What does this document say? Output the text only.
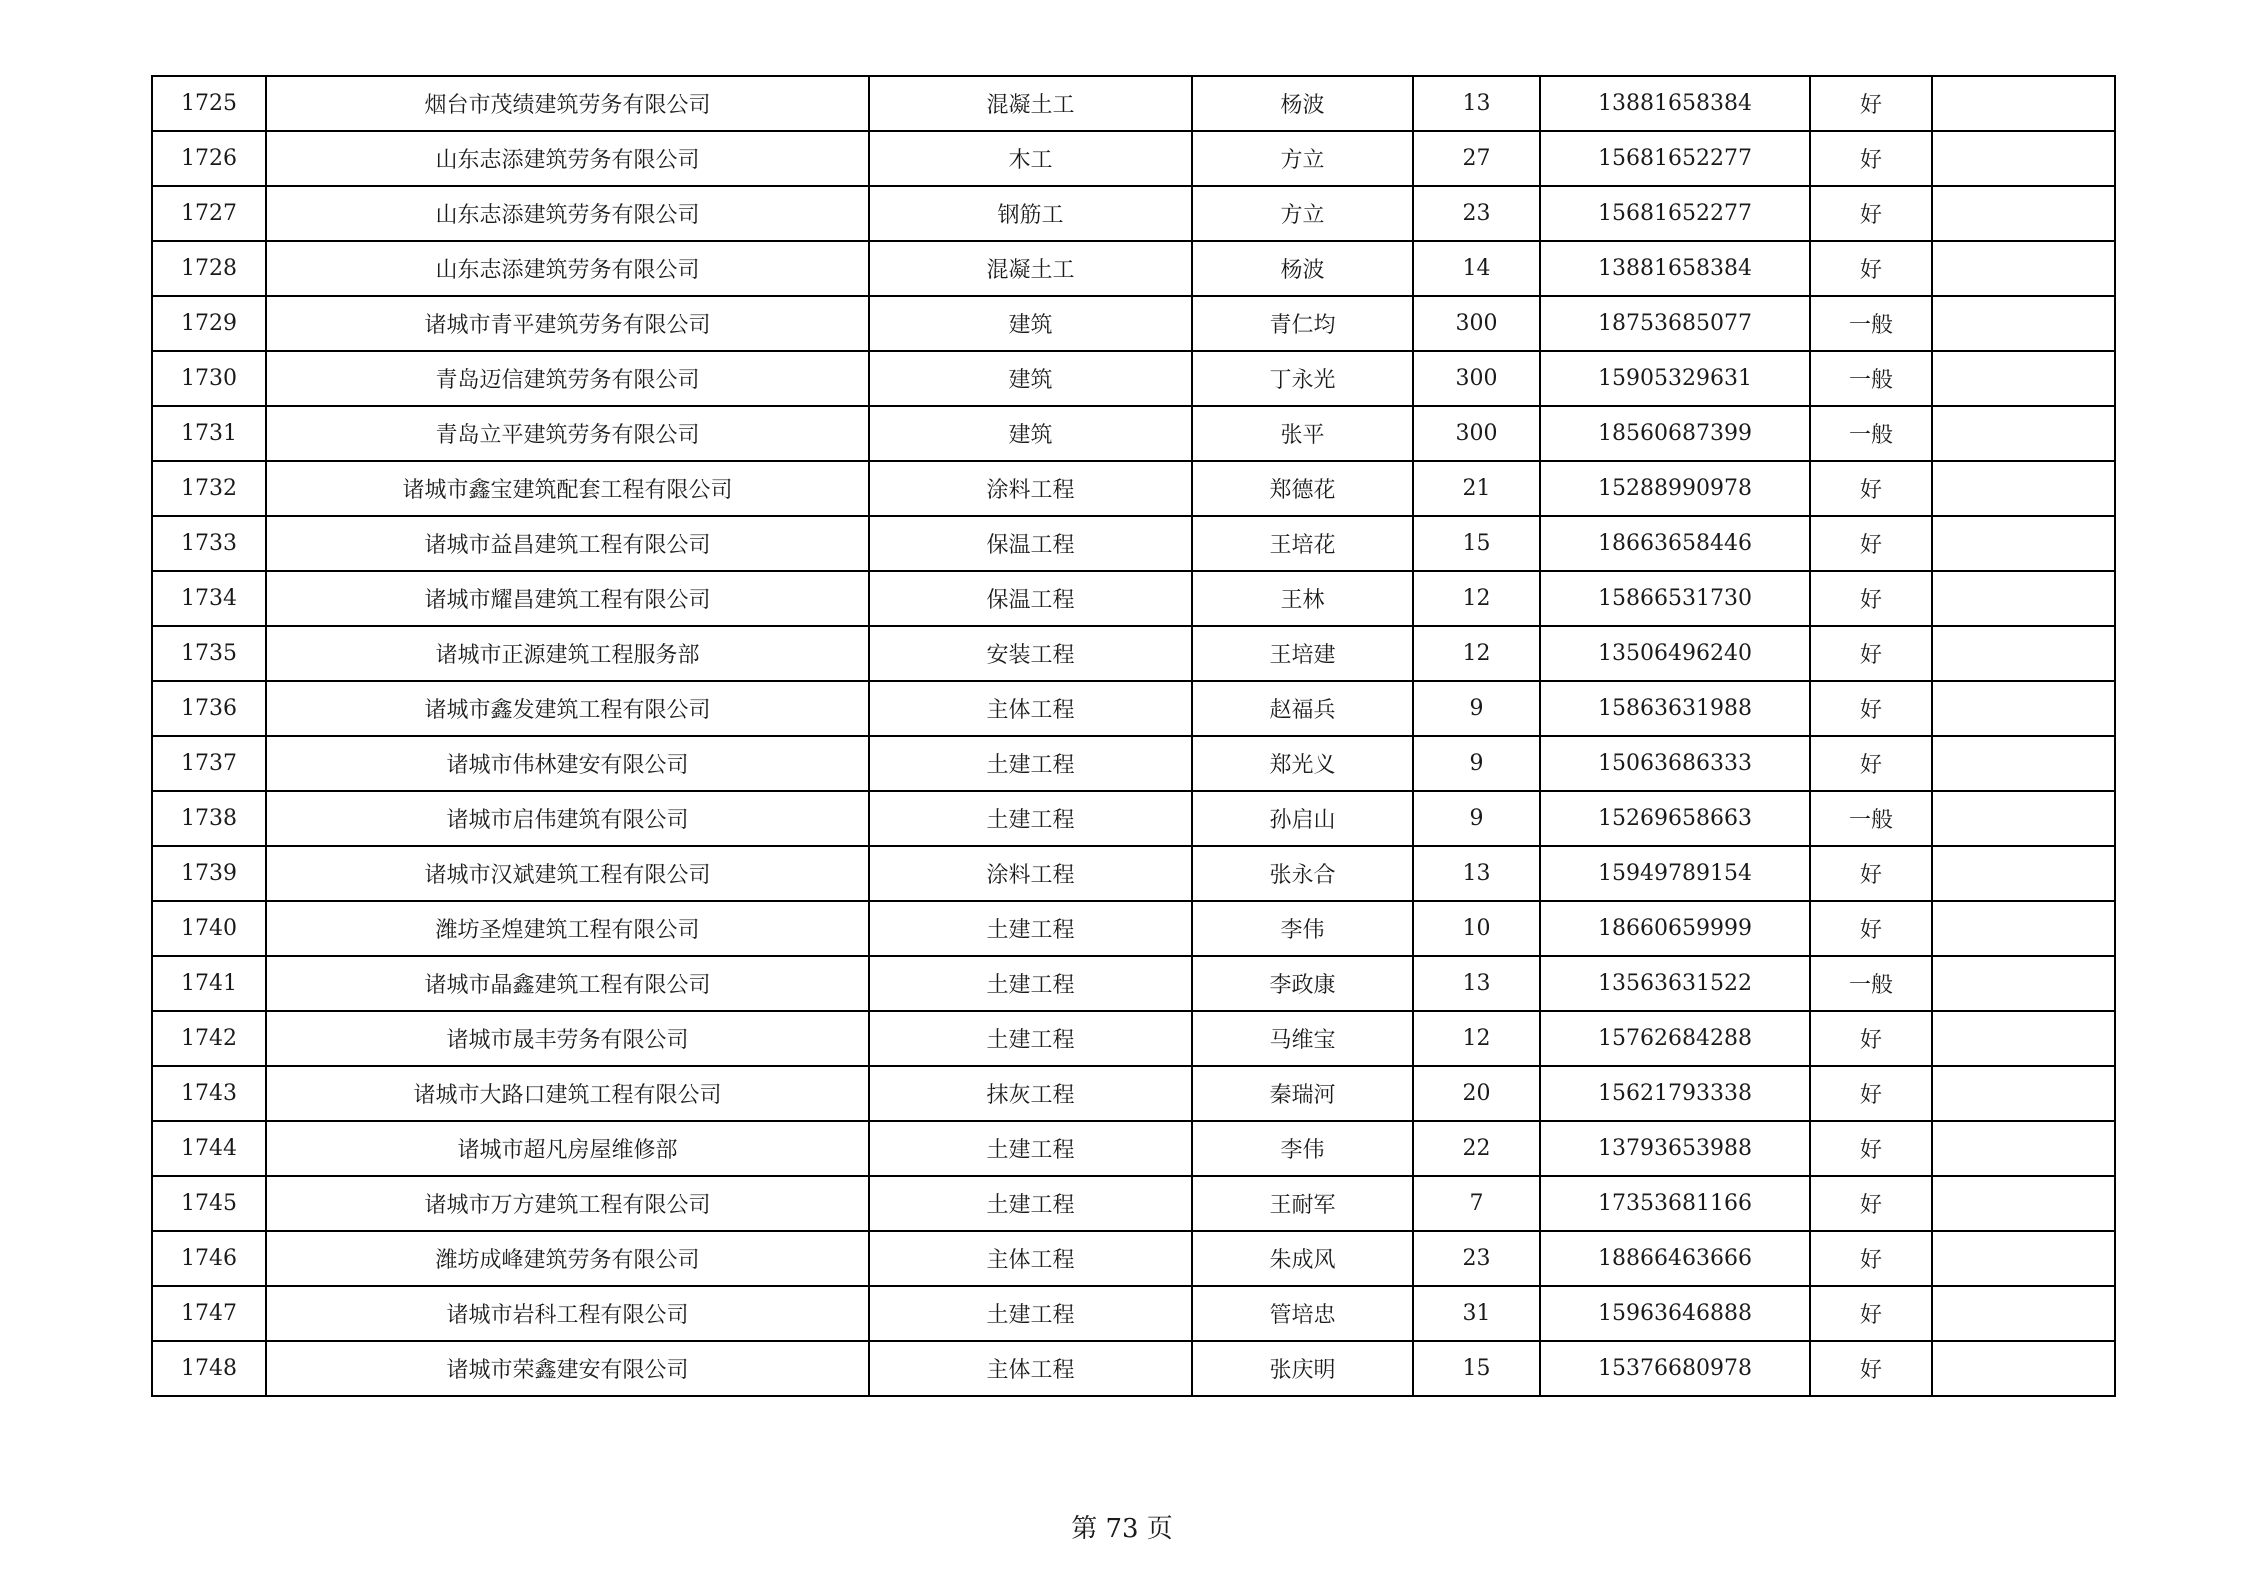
1725	烟台市茂绩建筑劳务有限公司	混凝土工	杨波	13	13881658384	好	
1726	山东志添建筑劳务有限公司	木工	方立	27	15681652277	好	
1727	山东志添建筑劳务有限公司	钢筋工	方立	23	15681652277	好	
1728	山东志添建筑劳务有限公司	混凝土工	杨波	14	13881658384	好	
1729	诸城市青平建筑劳务有限公司	建筑	青仁均	300	18753685077	一般	
1730	青岛迈信建筑劳务有限公司	建筑	丁永光	300	15905329631	一般	
1731	青岛立平建筑劳务有限公司	建筑	张平	300	18560687399	一般	
1732	诸城市鑫宝建筑配套工程有限公司	涂料工程	郑德花	21	15288990978	好	
1733	诸城市益昌建筑工程有限公司	保温工程	王培花	15	18663658446	好	
1734	诸城市耀昌建筑工程有限公司	保温工程	王林	12	15866531730	好	
1735	诸城市正源建筑工程服务部	安装工程	王培建	12	13506496240	好	
1736	诸城市鑫发建筑工程有限公司	主体工程	赵福兵	9	15863631988	好	
1737	诸城市伟林建安有限公司	土建工程	郑光义	9	15063686333	好	
1738	诸城市启伟建筑有限公司	土建工程	孙启山	9	15269658663	一般	
1739	诸城市汉斌建筑工程有限公司	涂料工程	张永合	13	15949789154	好	
1740	潍坊圣煌建筑工程有限公司	土建工程	李伟	10	18660659999	好	
1741	诸城市晶鑫建筑工程有限公司	土建工程	李政康	13	13563631522	一般	
1742	诸城市晟丰劳务有限公司	土建工程	马维宝	12	15762684288	好	
1743	诸城市大路口建筑工程有限公司	抹灰工程	秦瑞河	20	15621793338	好	
1744	诸城市超凡房屋维修部	土建工程	李伟	22	13793653988	好	
1745	诸城市万方建筑工程有限公司	土建工程	王耐军	7	17353681166	好	
1746	潍坊成峰建筑劳务有限公司	主体工程	朱成风	23	18866463666	好	
1747	诸城市岩科工程有限公司	土建工程	管培忠	31	15963646888	好	
1748	诸城市荣鑫建安有限公司	主体工程	张庆明	15	15376680978	好	
第 73 页
